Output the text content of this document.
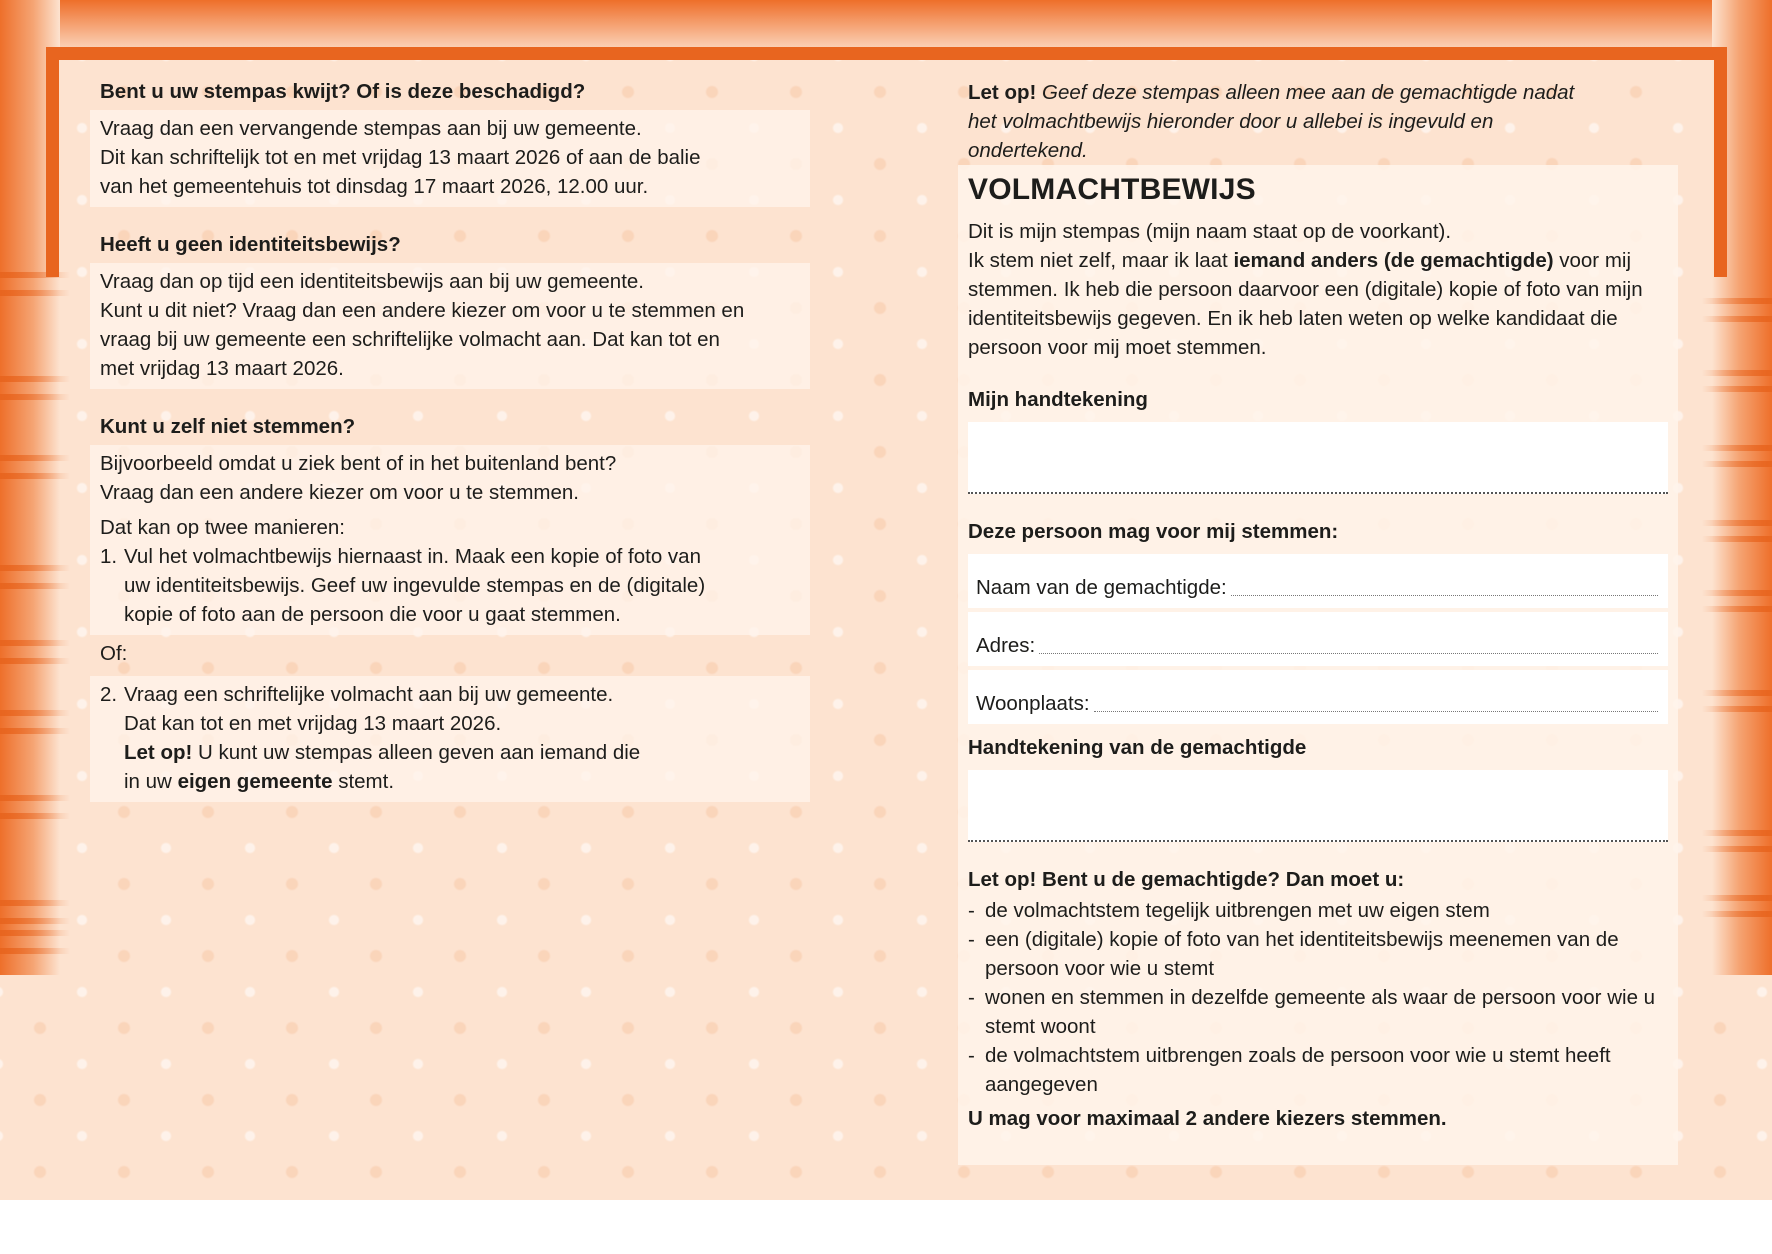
Bent u uw stempas kwijt? Of is deze beschadigd?

Vraag dan een vervangende stempas aan bij uw gemeente.

Dit kan schriftelijk tot en met vrijdag 13 maart 2026 of aan de balie

van het gemeentehuis tot dinsdag 17 maart 2026, 12.00 uur.

Heeft u geen identiteitsbewijs?

Vraag dan op tijd een identiteitsbewijs aan bij uw gemeente.

Kunt u dit niet? Vraag dan een andere kiezer om voor u te stemmen en

vraag bij uw gemeente een schriftelijke volmacht aan. Dat kan tot en

met vrijdag 13 maart 2026.

Kunt u zelf niet stemmen?

Bijvoorbeeld omdat u ziek bent of in het buitenland bent?

Vraag dan een andere kiezer om voor u te stemmen.

Dat kan op twee manieren:

1. Vul het volmachtbewijs hiernaast in. Maak een kopie of foto van

uw identiteitsbewijs. Geef uw ingevulde stempas en de (digitale)

kopie of foto aan de persoon die voor u gaat stemmen.

Of:

2. Vraag een schriftelijke volmacht aan bij uw gemeente.

Dat kan tot en met vrijdag 13 maart 2026.

Let op! U kunt uw stempas alleen geven aan iemand die

in uw eigen gemeente stemt.

Let op! Geef deze stempas alleen mee aan de gemachtigde nadat het volmachtbewijs hieronder door u allebei is ingevuld en ondertekend.

VOLMACHTBEWIJS

Dit is mijn stempas (mijn naam staat op de voorkant).

Ik stem niet zelf, maar ik laat iemand anders (de gemachtigde) voor mij stemmen. Ik heb die persoon daarvoor een (digitale) kopie of foto van mijn identiteitsbewijs gegeven. En ik heb laten weten op welke kandidaat die persoon voor mij moet stemmen.

Mijn handtekening
Deze persoon mag voor mij stemmen:
Naam van de gemachtigde:
Adres:
Woonplaats:
Handtekening van de gemachtigde
Let op! Bent u de gemachtigde? Dan moet u:
- de volmachtstem tegelijk uitbrengen met uw eigen stem
- een (digitale) kopie of foto van het identiteitsbewijs meenemen van de persoon voor wie u stemt
- wonen en stemmen in dezelfde gemeente als waar de persoon voor wie u stemt woont
- de volmachtstem uitbrengen zoals de persoon voor wie u stemt heeft aangegeven
U mag voor maximaal 2 andere kiezers stemmen.
